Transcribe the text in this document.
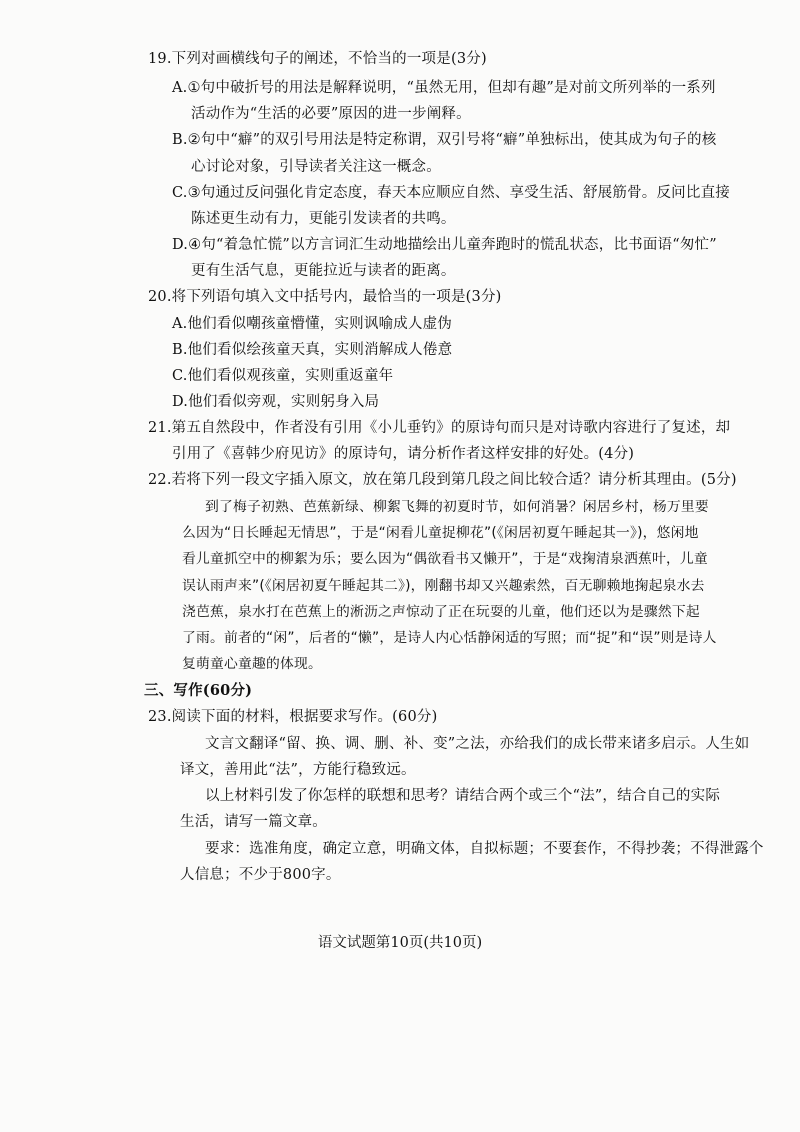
19.下列对画横线句子的阐述，不恰当的一项是(3分)
A.①句中破折号的用法是解释说明，“虽然无用，但却有趣”是对前文所列举的一系列
活动作为“生活的必要”原因的进一步阐释。
B.②句中“癖”的双引号用法是特定称谓，双引号将“癖”单独标出，使其成为句子的核
心讨论对象，引导读者关注这一概念。
C.③句通过反问强化肯定态度，春天本应顺应自然、享受生活、舒展筋骨。反问比直接
陈述更生动有力，更能引发读者的共鸣。
D.④句“着急忙慌”以方言词汇生动地描绘出儿童奔跑时的慌乱状态，比书面语“匆忙”
更有生活气息，更能拉近与读者的距离。
20.将下列语句填入文中括号内，最恰当的一项是(3分)
A.他们看似嘲孩童懵懂，实则讽喻成人虚伪
B.他们看似绘孩童天真，实则消解成人倦意
C.他们看似观孩童，实则重返童年
D.他们看似旁观，实则躬身入局
21.第五自然段中，作者没有引用《小儿垂钓》的原诗句而只是对诗歌内容进行了复述，却
引用了《喜韩少府见访》的原诗句，请分析作者这样安排的好处。(4分)
22.若将下列一段文字插入原文，放在第几段到第几段之间比较合适？请分析其理由。(5分)
到了梅子初熟、芭蕉新绿、柳絮飞舞的初夏时节，如何消暑？闲居乡村，杨万里要
么因为“日长睡起无情思”，于是“闲看儿童捉柳花”(《闲居初夏午睡起其一》)，悠闲地
看儿童抓空中的柳絮为乐；要么因为“偶欲看书又懒开”，于是“戏掬清泉洒蕉叶，儿童
误认雨声来”(《闲居初夏午睡起其二》)，刚翻书却又兴趣索然，百无聊赖地掬起泉水去
浇芭蕉，泉水打在芭蕉上的淅沥之声惊动了正在玩耍的儿童，他们还以为是骤然下起
了雨。前者的“闲”，后者的“懒”，是诗人内心恬静闲适的写照；而“捉”和“误”则是诗人
复萌童心童趣的体现。
三、写作(60分)
23.阅读下面的材料，根据要求写作。(60分)
文言文翻译“留、换、调、删、补、变”之法，亦给我们的成长带来诸多启示。人生如
译文，善用此“法”，方能行稳致远。
以上材料引发了你怎样的联想和思考？请结合两个或三个“法”，结合自己的实际
生活，请写一篇文章。
要求：选准角度，确定立意，明确文体，自拟标题；不要套作，不得抄袭；不得泄露个
人信息；不少于800字。
语文试题第10页(共10页)
